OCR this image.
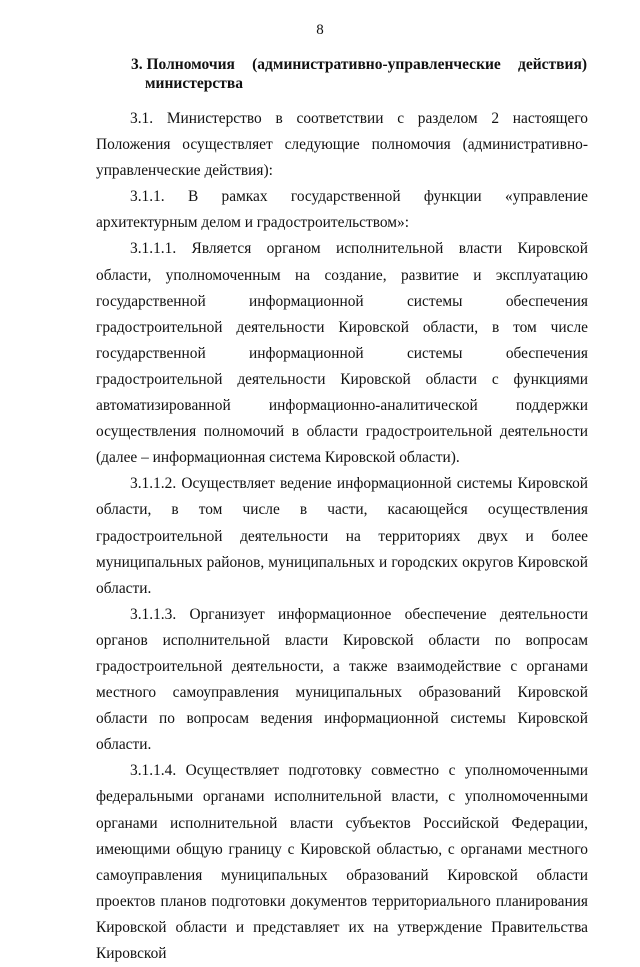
8
3. Полномочия (административно-управленческие действия)
министерства

3.1. Министерство в соответствии с разделом 2 настоящего Положения осуществляет следующие полномочия (административно-управленческие действия):

3.1.1. В рамках государственной функции «управление архитектурным делом и градостроительством»:

3.1.1.1. Является органом исполнительной власти Кировской области, уполномоченным на создание, развитие и эксплуатацию государственной информационной системы обеспечения градостроительной деятельности Кировской области, в том числе государственной информационной системы обеспечения градостроительной деятельности Кировской области с функциями автоматизированной информационно-аналитической поддержки осуществления полномочий в области градостроительной деятельности (далее – информационная система Кировской области).

3.1.1.2. Осуществляет ведение информационной системы Кировской области, в том числе в части, касающейся осуществления градостроительной деятельности на территориях двух и более муниципальных районов, муниципальных и городских округов Кировской области.

3.1.1.3. Организует информационное обеспечение деятельности органов исполнительной власти Кировской области по вопросам градостроительной деятельности, а также взаимодействие с органами местного самоуправления муниципальных образований Кировской области по вопросам ведения информационной системы Кировской области.

3.1.1.4. Осуществляет подготовку совместно с уполномоченными федеральными органами исполнительной власти, с уполномоченными органами исполнительной власти субъектов Российской Федерации, имеющими общую границу с Кировской областью, с органами местного самоуправления муниципальных образований Кировской области проектов планов подготовки документов территориального планирования Кировской области и представляет их на утверждение Правительства Кировской
